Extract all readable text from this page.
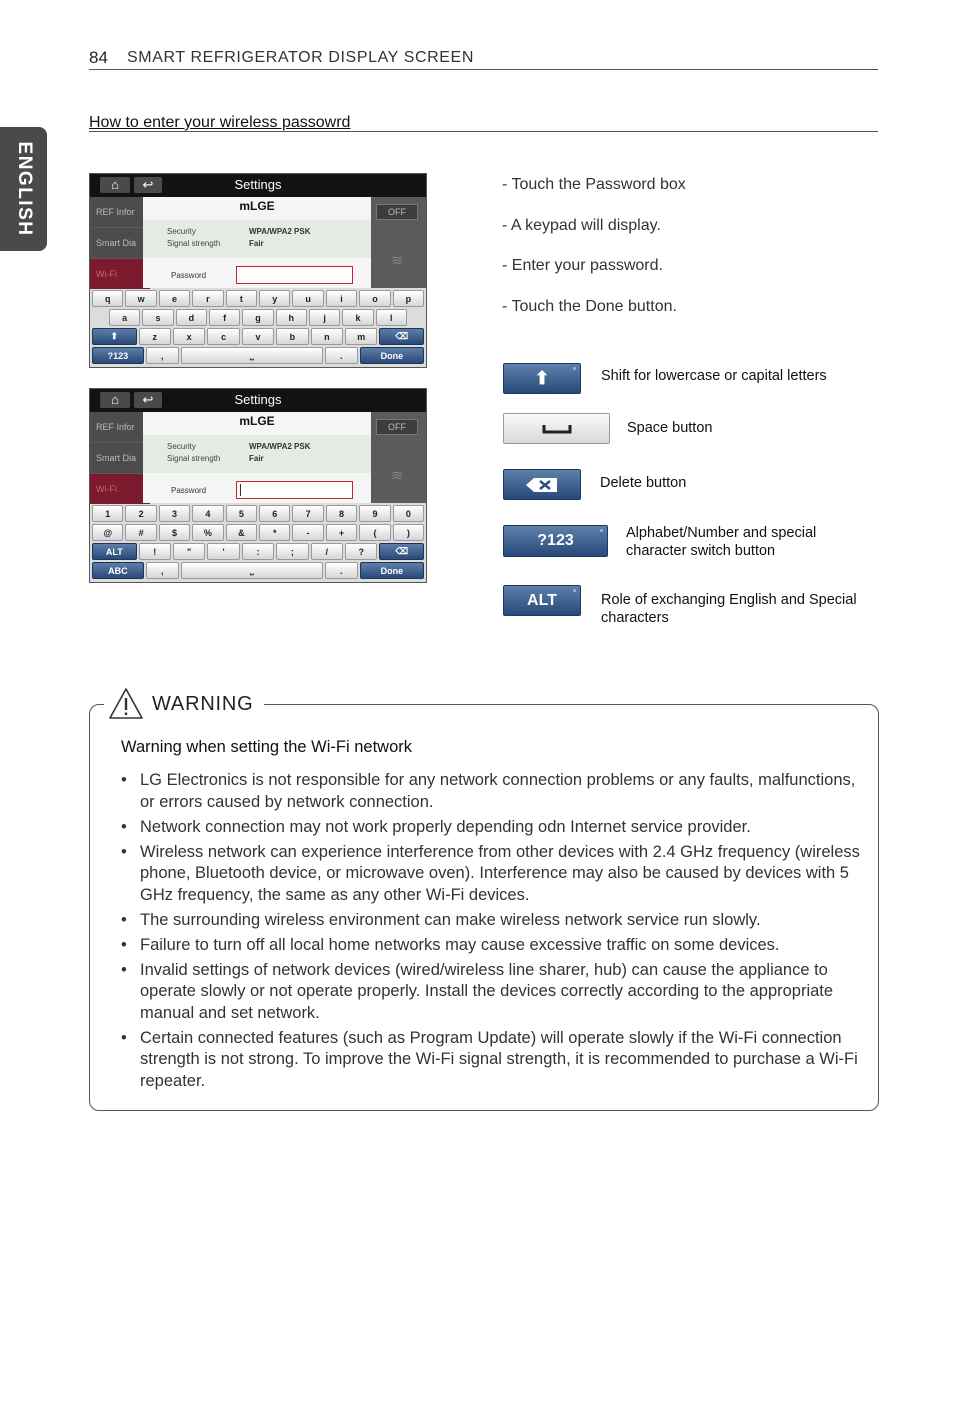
84 SMART REFRIGERATOR DISPLAY SCREEN
ENGLISH
How to enter your wireless passowrd
⌂	↩	Settings
REF Infor
Smart Dia
Wi-Fi
OFF
≋
mLGE
Security	WPA/WPA2 PSK
Signal strength	Fair
Password
q	w	e	r	t	y	u	i	o	p
a	s	d	f	g	h	j	k	l
⬆	z	x	c	v	b	n	m	⌫
?123	,	⎵	.	Done
⌂	↩	Settings
REF Infor
Smart Dia
Wi-Fi
OFF
≋
mLGE
Security	WPA/WPA2 PSK
Signal strength	Fair
Password
1	2	3	4	5	6	7	8	9	0
@	#	$	%	&	*	-	+	(	)
ALT	!	"	'	:	;	/	?	⌫
ABC	,	⎵	.	Done
- Touch the Password box
- A keypad will display.
- Enter your password.
- Touch the Done button.
⬆	Shift for lowercase or capital letters
Space button
Delete button
?123	Alphabet/Number and special character switch button
ALT	Role of exchanging English and Special characters
WARNING
Warning when setting the Wi-Fi network
• LG Electronics is not responsible for any network connection problems or any faults, malfunctions, or errors caused by network connection.
• Network connection may not work properly depending odn Internet service provider.
• Wireless network can experience interference from other devices with 2.4 GHz frequency (wireless phone, Bluetooth device, or microwave oven). Interference may also be caused by devices with 5 GHz frequency, the same as any other Wi-Fi devices.
• The surrounding wireless environment can make wireless network service run slowly.
• Failure to turn off all local home networks may cause excessive traffic on some devices.
• Invalid settings of network devices (wired/wireless line sharer, hub) can cause the appliance to operate slowly or not operate properly. Install the devices correctly according to the appropriate manual and set network.
• Certain connected features (such as Program Update) will operate slowly if the Wi-Fi connection strength is not strong. To improve the Wi-Fi signal strength, it is recommended to purchase a Wi-Fi repeater.
